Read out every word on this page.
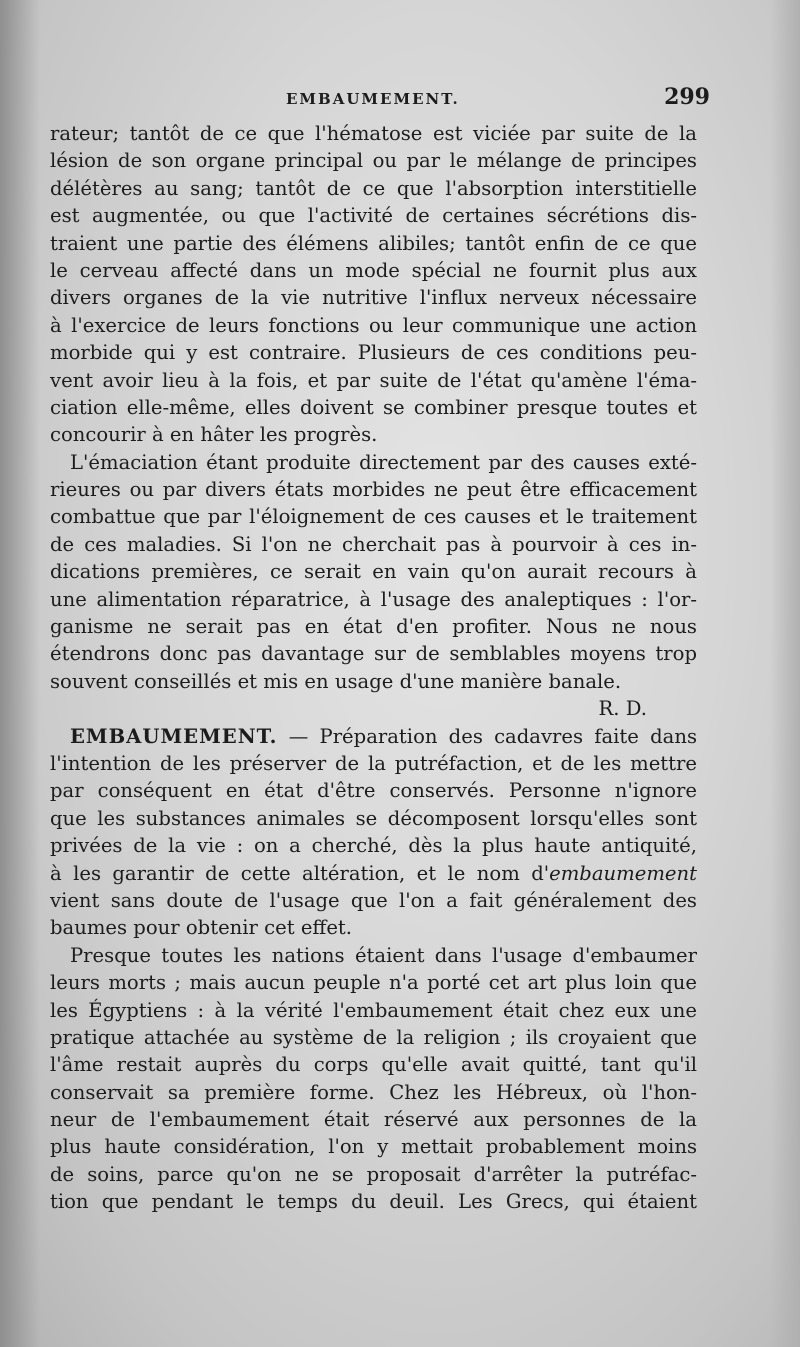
EMBAUMEMENT.	299
rateur; tantôt de ce que l'hématose est viciée par suite de la
lésion de son organe principal ou par le mélange de principes
délétères au sang; tantôt de ce que l'absorption interstitielle
est augmentée, ou que l'activité de certaines sécrétions dis-
traient une partie des élémens alibiles; tantôt enfin de ce que
le cerveau affecté dans un mode spécial ne fournit plus aux
divers organes de la vie nutritive l'influx nerveux nécessaire
à l'exercice de leurs fonctions ou leur communique une action
morbide qui y est contraire. Plusieurs de ces conditions peu-
vent avoir lieu à la fois, et par suite de l'état qu'amène l'éma-
ciation elle-même, elles doivent se combiner presque toutes et
concourir à en hâter les progrès.
L'émaciation étant produite directement par des causes exté-
rieures ou par divers états morbides ne peut être efficacement
combattue que par l'éloignement de ces causes et le traitement
de ces maladies. Si l'on ne cherchait pas à pourvoir à ces in-
dications premières, ce serait en vain qu'on aurait recours à
une alimentation réparatrice, à l'usage des analeptiques : l'or-
ganisme ne serait pas en état d'en profiter. Nous ne nous
étendrons donc pas davantage sur de semblables moyens trop
souvent conseillés et mis en usage d'une manière banale.
R. D.
EMBAUMEMENT. — Préparation des cadavres faite dans
l'intention de les préserver de la putréfaction, et de les mettre
par conséquent en état d'être conservés. Personne n'ignore
que les substances animales se décomposent lorsqu'elles sont
privées de la vie : on a cherché, dès la plus haute antiquité,
à les garantir de cette altération, et le nom d'embaumement
vient sans doute de l'usage que l'on a fait généralement des
baumes pour obtenir cet effet.
Presque toutes les nations étaient dans l'usage d'embaumer
leurs morts ; mais aucun peuple n'a porté cet art plus loin que
les Égyptiens : à la vérité l'embaumement était chez eux une
pratique attachée au système de la religion ; ils croyaient que
l'âme restait auprès du corps qu'elle avait quitté, tant qu'il
conservait sa première forme. Chez les Hébreux, où l'hon-
neur de l'embaumement était réservé aux personnes de la
plus haute considération, l'on y mettait probablement moins
de soins, parce qu'on ne se proposait d'arrêter la putréfac-
tion que pendant le temps du deuil. Les Grecs, qui étaient
